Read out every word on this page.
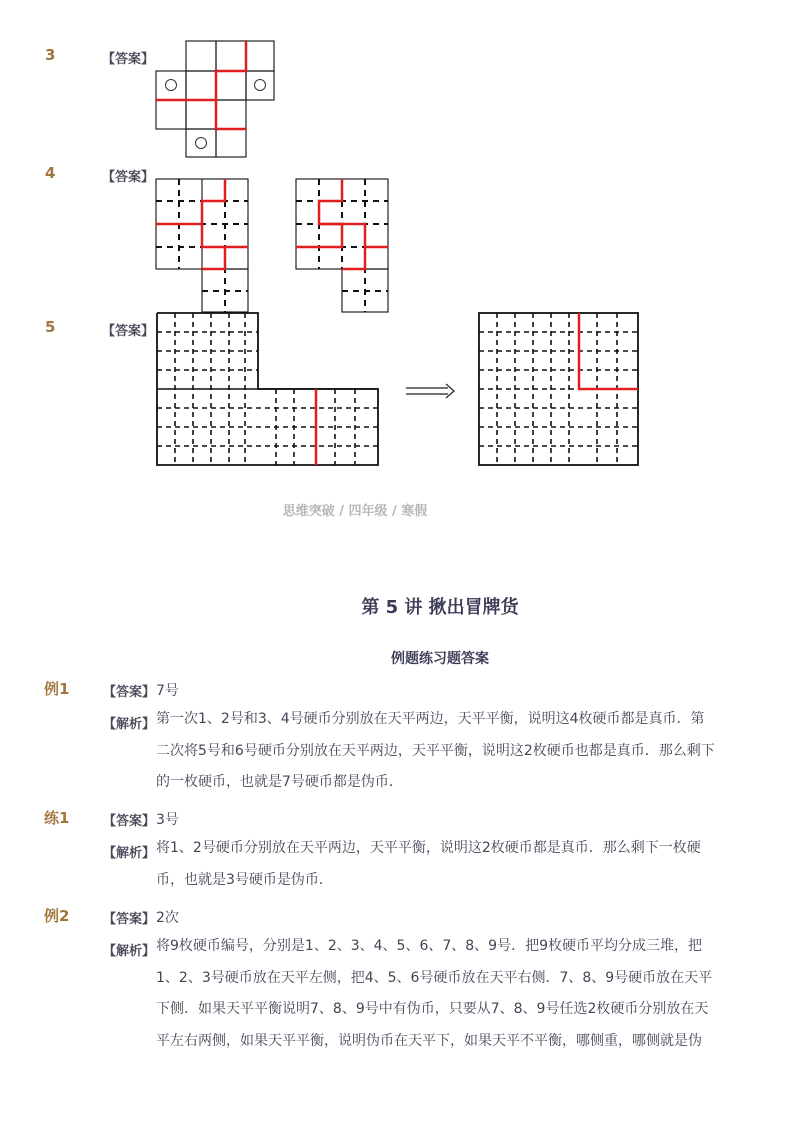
3	【答案】
4	【答案】
5	【答案】
思维突破 / 四年级 / 寒假
第 5 讲 揪出冒牌货
例题练习题答案
例1	【答案】 7号
【解析】 第一次1、2号和3、4号硬币分别放在天平两边，天平平衡，说明这4枚硬币都是真币．第二次将5号和6号硬币分别放在天平两边，天平平衡，说明这2枚硬币也都是真币．那么剩下的一枚硬币，也就是7号硬币都是伪币．
练1	【答案】 3号
【解析】 将1、2号硬币分别放在天平两边，天平平衡，说明这2枚硬币都是真币．那么剩下一枚硬币，也就是3号硬币是伪币．
例2	【答案】 2次
【解析】 将9枚硬币编号，分别是1、2、3、4、5、6、7、8、9号．把9枚硬币平均分成三堆，把1、2、3号硬币放在天平左侧，把4、5、6号硬币放在天平右侧．7、8、9号硬币放在天平下侧．如果天平平衡说明7、8、9号中有伪币，只要从7、8、9号任选2枚硬币分别放在天平左右两侧，如果天平平衡，说明伪币在天平下，如果天平不平衡，哪侧重，哪侧就是伪
